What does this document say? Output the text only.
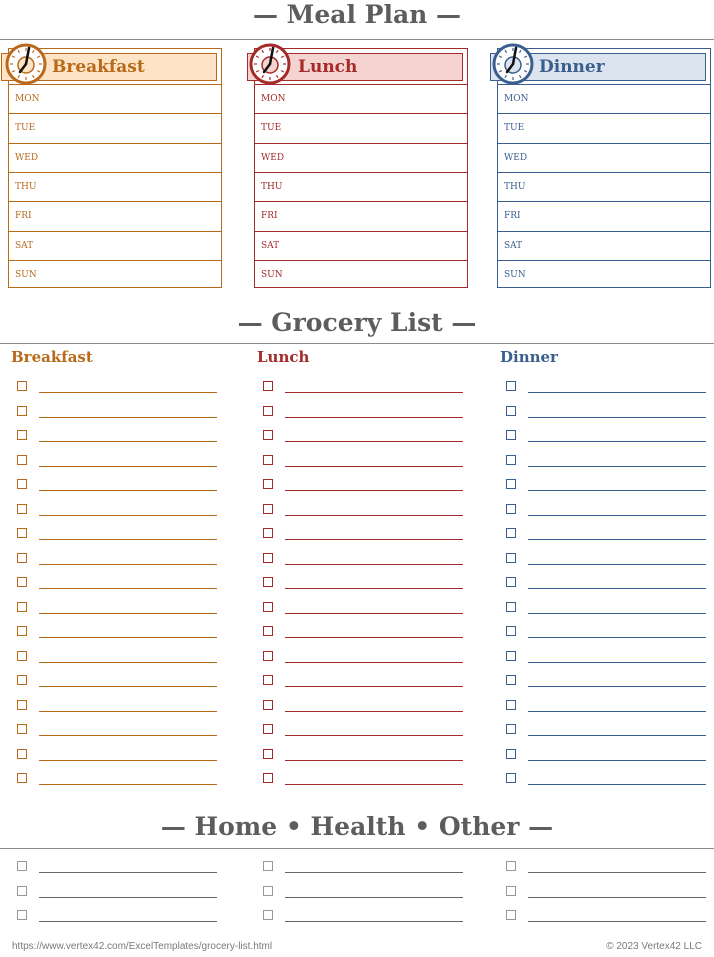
— Meal Plan —
Breakfast
MON
TUE
WED
THU
FRI
SAT
SUN
Lunch
MON
TUE
WED
THU
FRI
SAT
SUN
Dinner
MON
TUE
WED
THU
FRI
SAT
SUN
— Grocery List —
Breakfast	Lunch	Dinner
— Home • Health • Other —
https://www.vertex42.com/ExcelTemplates/grocery-list.html	© 2023 Vertex42 LLC
